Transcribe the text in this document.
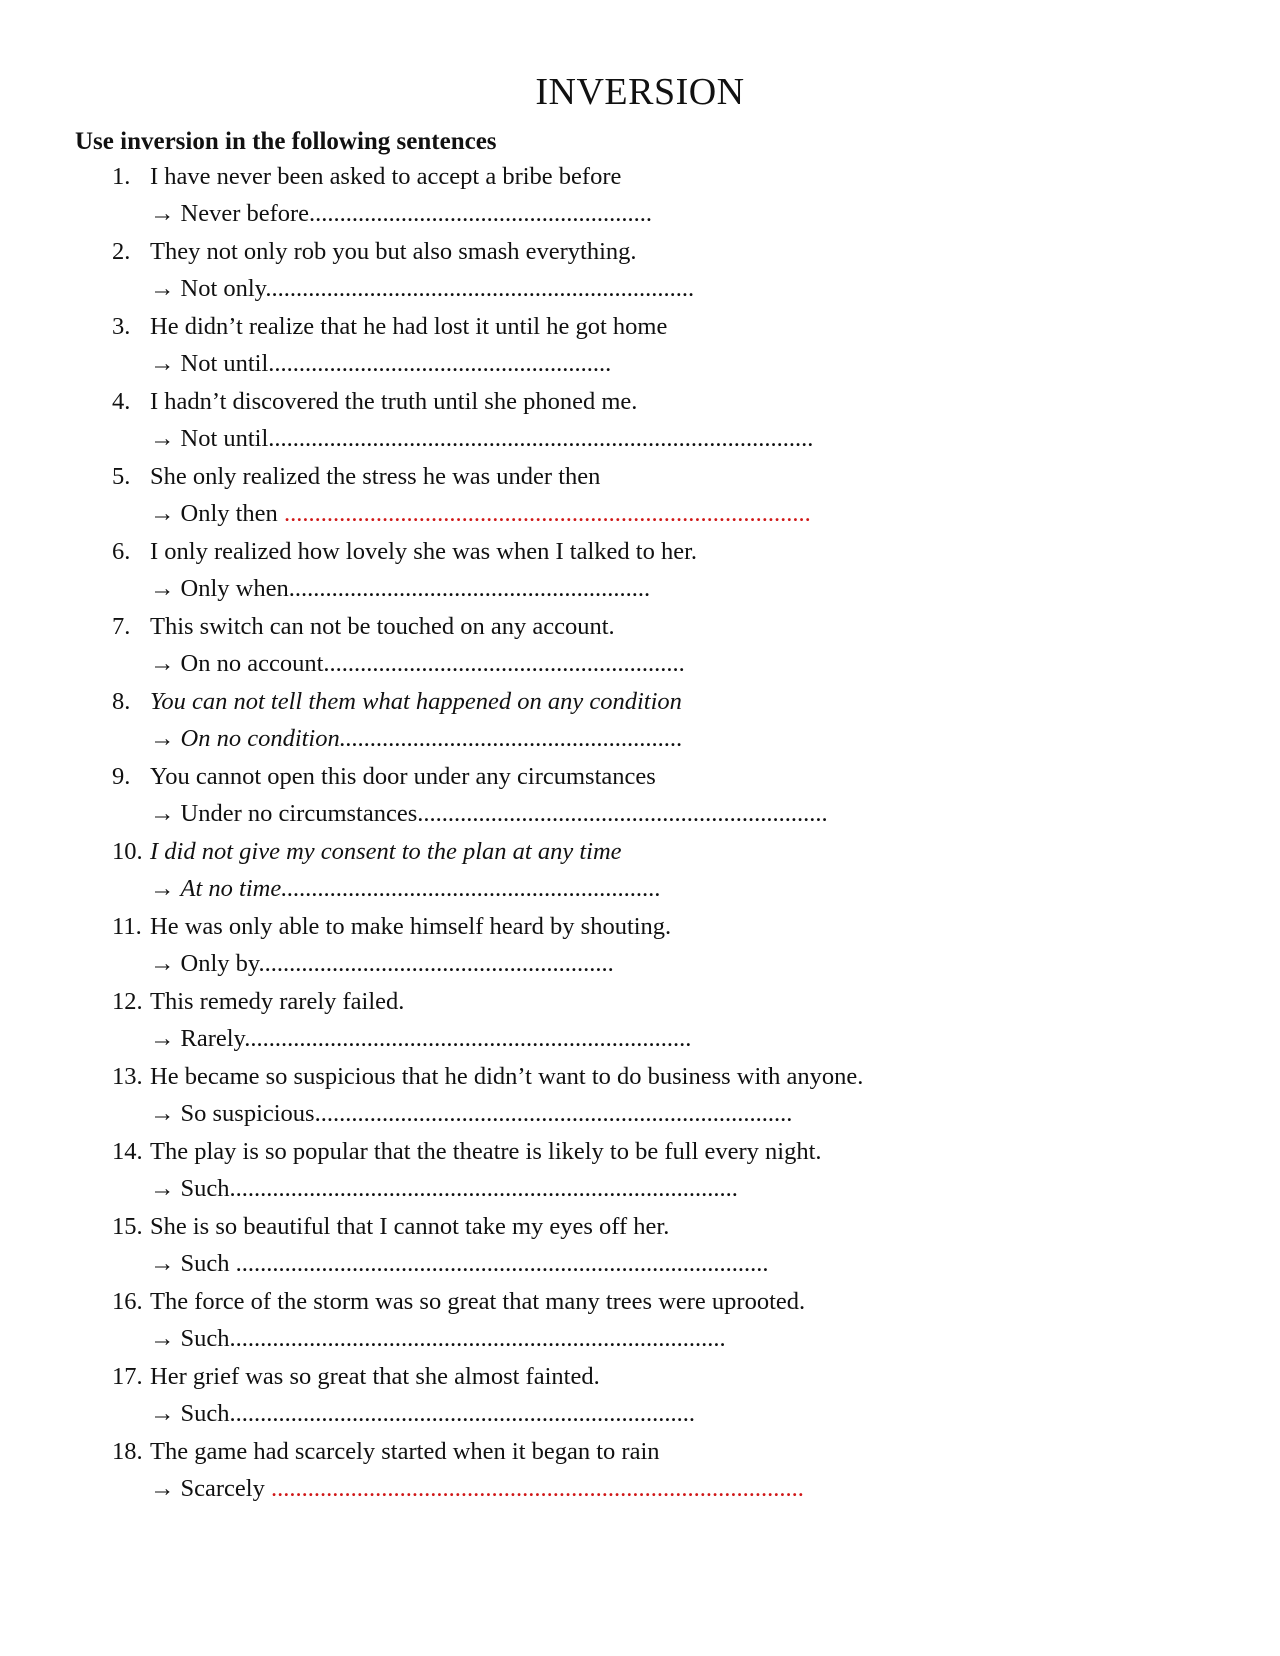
INVERSION
Use inversion in the following sentences
1. I have never been asked to accept a bribe before
→ Never before........................................................
2. They not only rob you but also smash everything.
→ Not only......................................................................
3. He didn’t realize that he had lost it until he got home
→ Not until........................................................
4. I hadn’t discovered the truth until she phoned me.
→ Not until.........................................................................................
5. She only realized the stress he was under then
→ Only then ......................................................................................
6. I only realized how lovely she was when I talked to her.
→ Only when...........................................................
7. This switch can not be touched on any account.
→ On no account...........................................................
8. You can not tell them what happened on any condition
→ On no condition........................................................
9. You cannot open this door under any circumstances
→ Under no circumstances...................................................................
10. I did not give my consent to the plan at any time
→ At no time..............................................................
11. He was only able to make himself heard by shouting.
→ Only by..........................................................
12. This remedy rarely failed.
→ Rarely.........................................................................
13. He became so suspicious that he didn’t want to do business with anyone.
→ So suspicious..............................................................................
14. The play is so popular that the theatre is likely to be full every night.
→ Such...................................................................................
15. She is so beautiful that I cannot take my eyes off her.
→ Such .......................................................................................
16. The force of the storm was so great that many trees were uprooted.
→ Such.................................................................................
17. Her grief was so great that she almost fainted.
→ Such............................................................................
18. The game had scarcely started when it began to rain
→ Scarcely .......................................................................................
